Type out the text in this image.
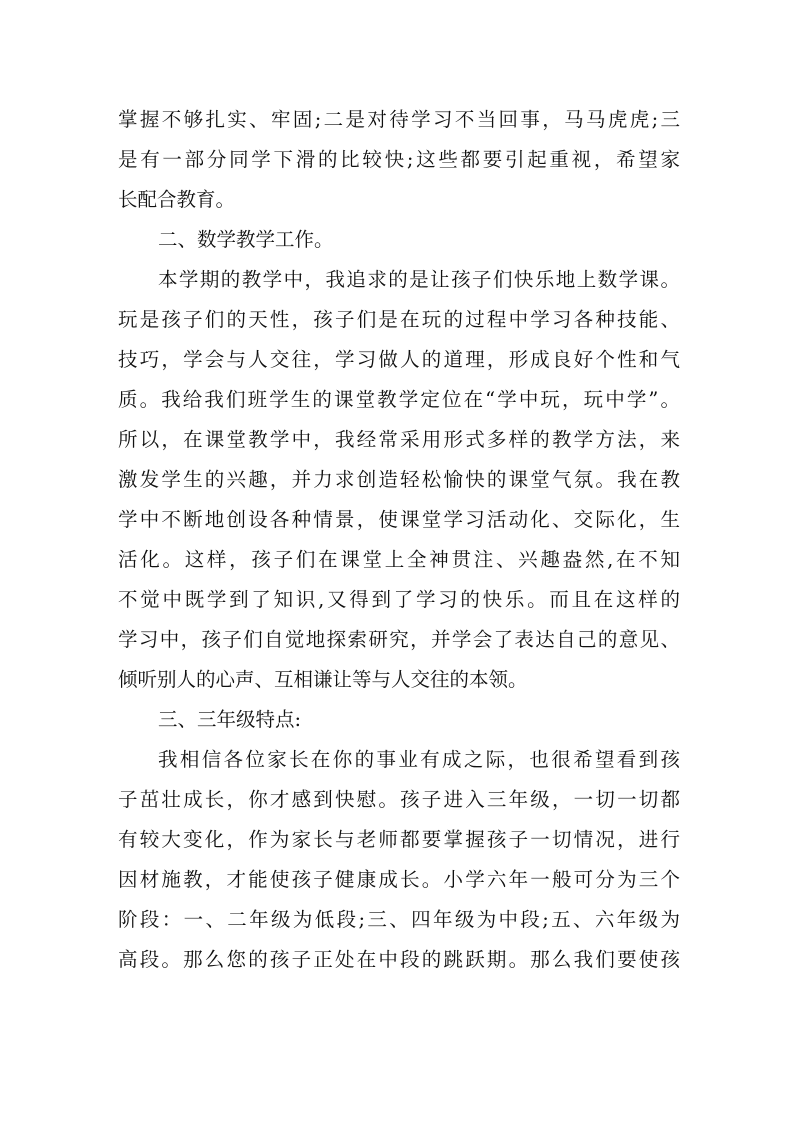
掌握不够扎实、牢固;二是对待学习不当回事，马马虎虎;三
是有一部分同学下滑的比较快;这些都要引起重视，希望家
长配合教育。
二、数学教学工作。
本学期的教学中，我追求的是让孩子们快乐地上数学课。
玩是孩子们的天性，孩子们是在玩的过程中学习各种技能、
技巧，学会与人交往，学习做人的道理，形成良好个性和气
质。我给我们班学生的课堂教学定位在“学中玩，玩中学”。
所以，在课堂教学中，我经常采用形式多样的教学方法，来
激发学生的兴趣，并力求创造轻松愉快的课堂气氛。我在教
学中不断地创设各种情景，使课堂学习活动化、交际化，生
活化。这样，孩子们在课堂上全神贯注、兴趣盎然,在不知
不觉中既学到了知识,又得到了学习的快乐。而且在这样的
学习中，孩子们自觉地探索研究，并学会了表达自己的意见、
倾听别人的心声、互相谦让等与人交往的本领。
三、三年级特点:
我相信各位家长在你的事业有成之际，也很希望看到孩
子茁壮成长，你才感到快慰。孩子进入三年级，一切一切都
有较大变化，作为家长与老师都要掌握孩子一切情况，进行
因材施教，才能使孩子健康成长。小学六年一般可分为三个
阶段：一、二年级为低段;三、四年级为中段;五、六年级为
高段。那么您的孩子正处在中段的跳跃期。那么我们要使孩
